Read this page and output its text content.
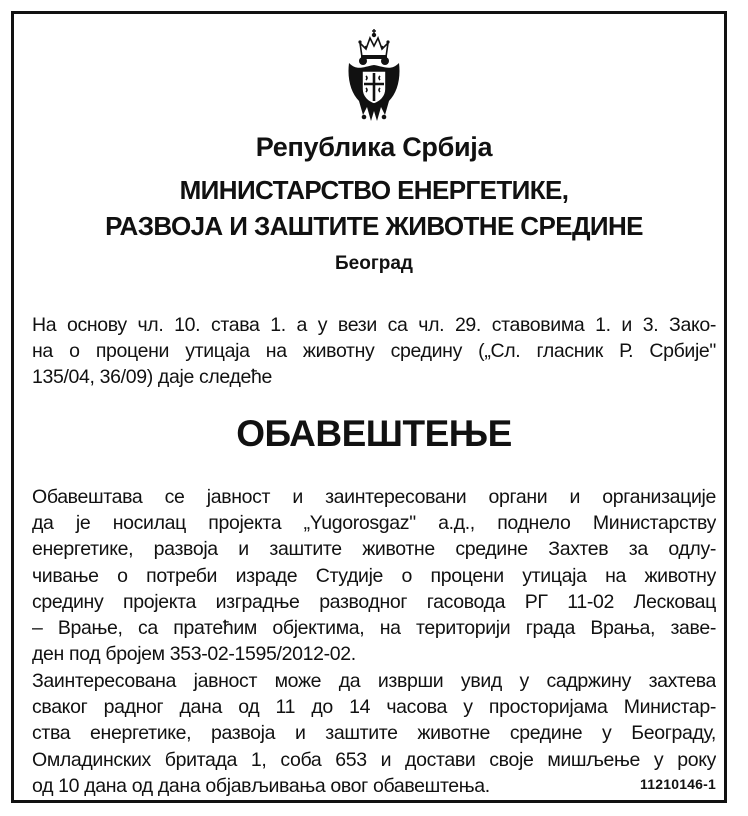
Република Србија
МИНИСТАРСТВО ЕНЕРГЕТИКЕ,
РАЗВОЈА И ЗАШТИТЕ ЖИВОТНЕ СРЕДИНЕ
Београд
На основу чл. 10. става 1. а у вези са чл. 29. ставовима 1. и 3. Зако-
на о процени утицаја на животну средину („Сл. гласник Р. Србије"
135/04, 36/09) даје следеће
ОБАВЕШТЕЊЕ
Обавештава се јавност и заинтересовани органи и организације
да је носилац пројекта „Yugorosgaz" а.д., поднело Министарству
енергетике, развоја и заштите животне средине Захтев за одлу-
чивање о потреби израде Студије о процени утицаја на животну
средину пројекта изградње разводног гасовода РГ 11-02 Лесковац
– Врање, са пратећим објектима, на територији града Врања, заве-
ден под бројем 353-02-1595/2012-02.
Заинтересована јавност може да изврши увид у садржину захтева
сваког радног дана од 11 до 14 часова у просторијама Министар-
ства енергетике, развоја и заштите животне средине у Београду,
Омладинских бритада 1, соба 653 и достави своје мишљење у року
од 10 дана од дана објављивања овог обавештења.	11210146-1
